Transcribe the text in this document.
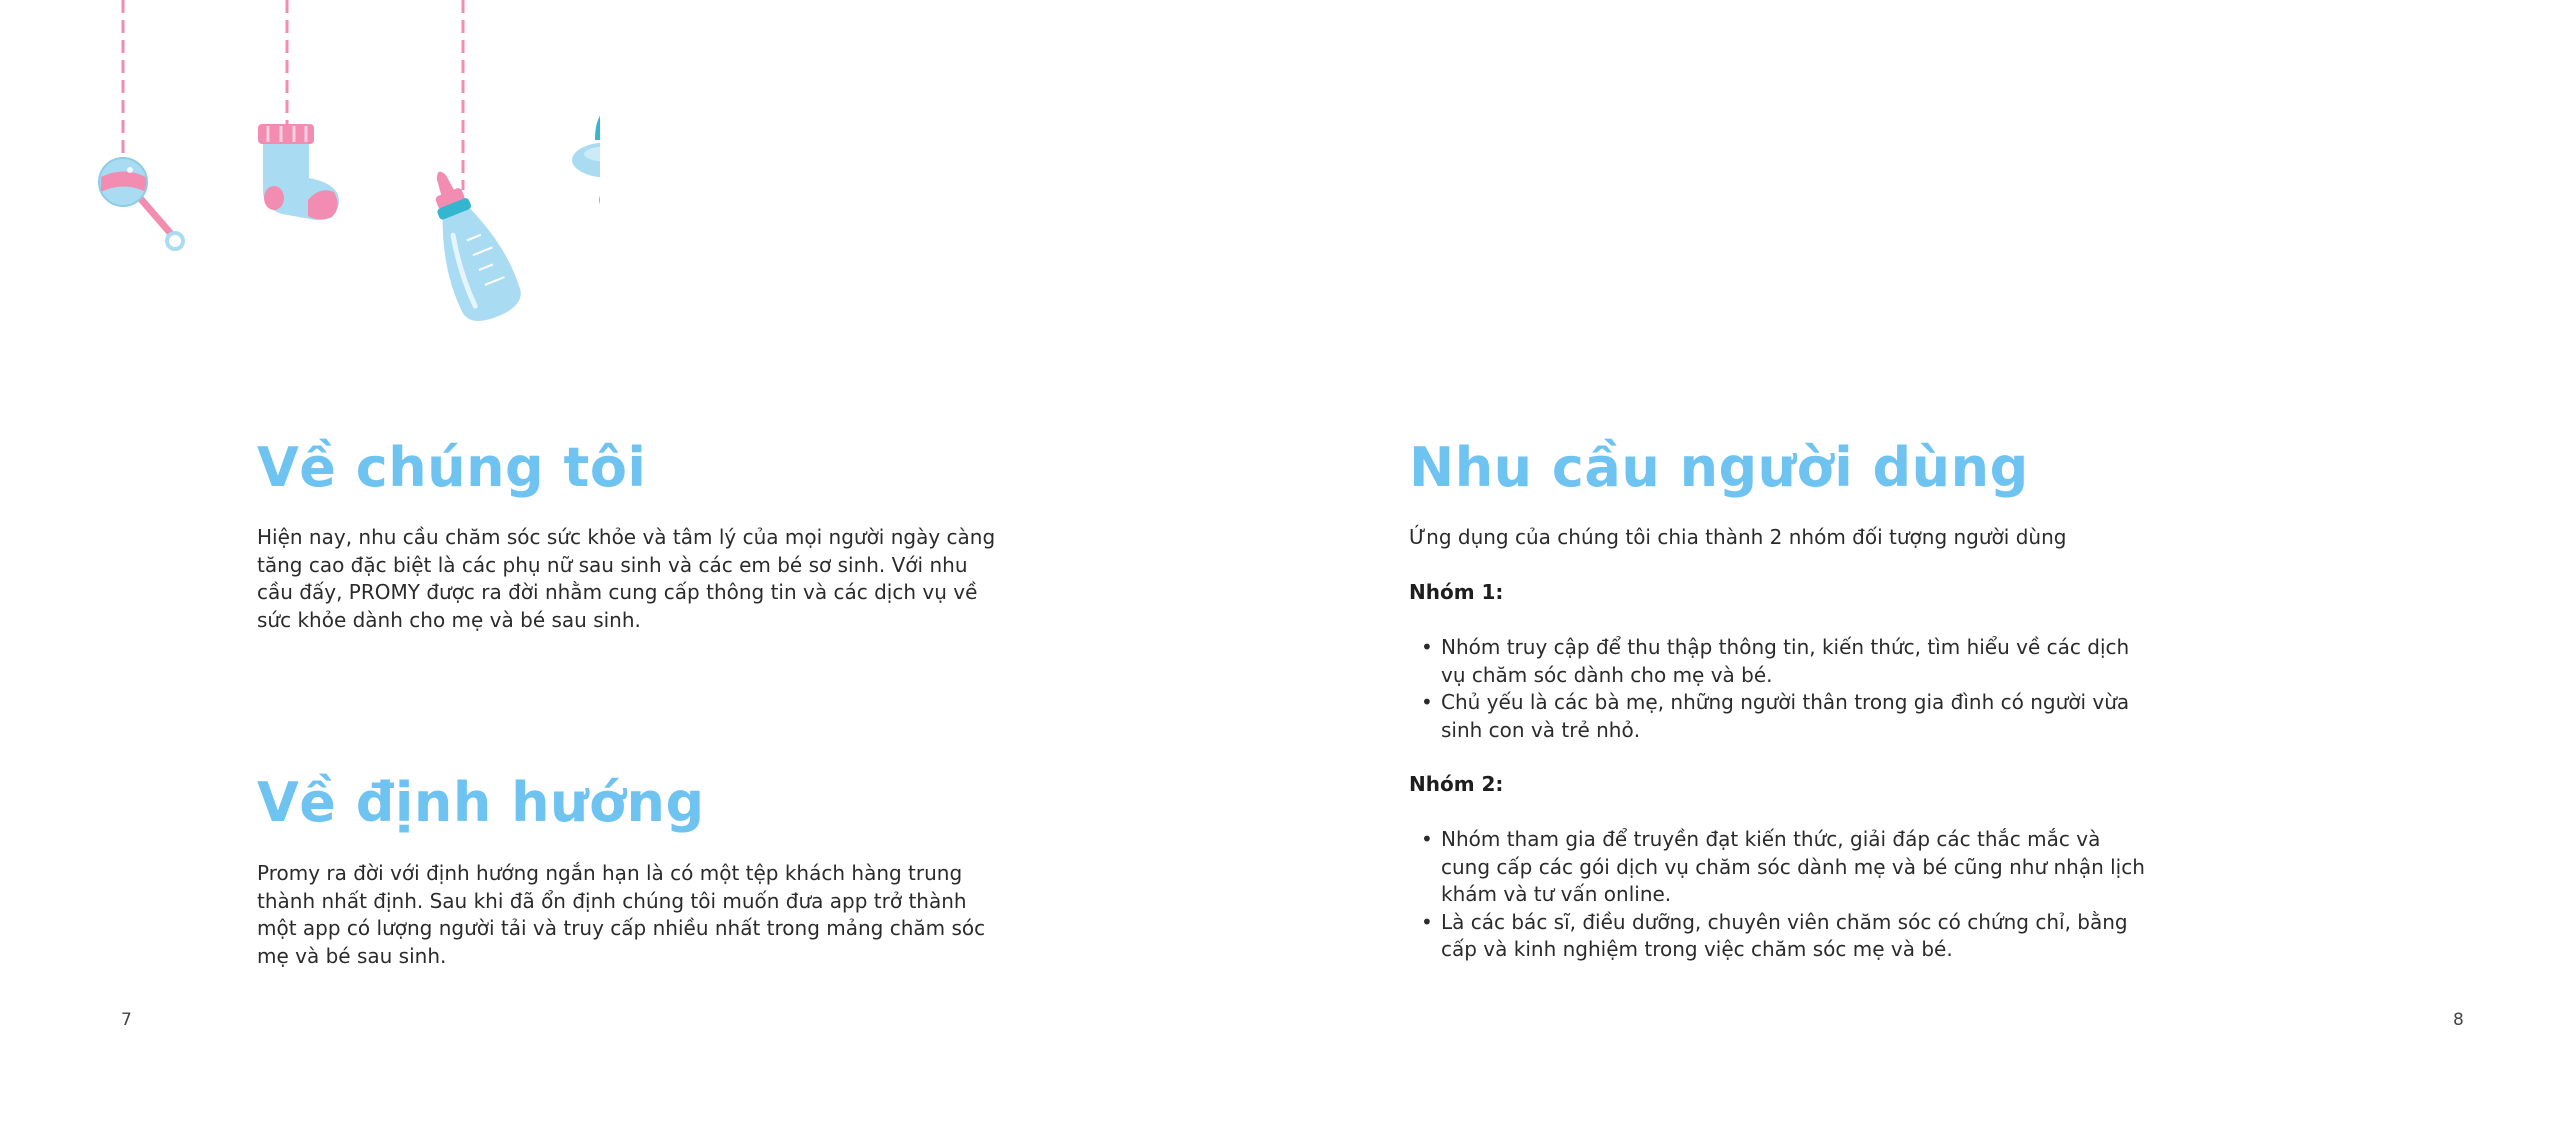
Về chúng tôi

Hiện nay, nhu cầu chăm sóc sức khỏe và tâm lý của mọi người ngày càng tăng cao đặc biệt là các phụ nữ sau sinh và các em bé sơ sinh. Với nhu cầu đấy, PROMY được ra đời nhằm cung cấp thông tin và các dịch vụ về sức khỏe dành cho mẹ và bé sau sinh.

Về định hướng

Promy ra đời với định hướng ngắn hạn là có một tệp khách hàng trung thành nhất định. Sau khi đã ổn định chúng tôi muốn đưa app trở thành một app có lượng người tải và truy cấp nhiều nhất trong mảng chăm sóc mẹ và bé sau sinh.

7
Nhu cầu người dùng

Ứng dụng của chúng tôi chia thành 2 nhóm đối tượng người dùng

Nhóm 1:

• Nhóm truy cập để thu thập thông tin, kiến thức, tìm hiểu về các dịch vụ chăm sóc dành cho mẹ và bé.
• Chủ yếu là các bà mẹ, những người thân trong gia đình có người vừa sinh con và trẻ nhỏ.

Nhóm 2:

• Nhóm tham gia để truyền đạt kiến thức, giải đáp các thắc mắc và cung cấp các gói dịch vụ chăm sóc dành mẹ và bé cũng như nhận lịch khám và tư vấn online.
• Là các bác sĩ, điều dưỡng, chuyên viên chăm sóc có chứng chỉ, bằng cấp và kinh nghiệm trong việc chăm sóc mẹ và bé.
8
